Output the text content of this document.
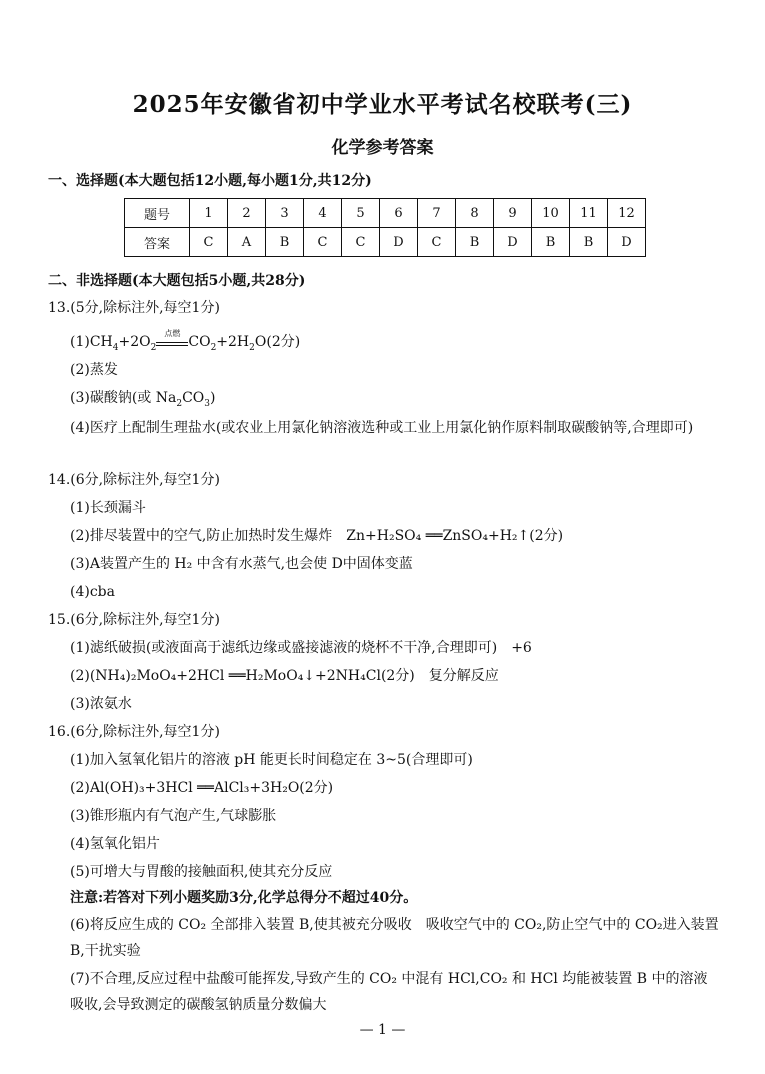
2025年安徽省初中学业水平考试名校联考(三)
化学参考答案
一、选择题(本大题包括12小题,每小题1分,共12分)
题号	1	2	3	4	5	6	7	8	9	10	11	12
答案	C	A	B	C	C	D	C	B	D	B	B	D
二、非选择题(本大题包括5小题,共28分)
13.(5分,除标注外,每空1分)
$(1)CH_4+2O_2$
点燃
$CO_2+2H_2O(2$分)
(2)蒸发
(3)碳酸钠(或 $Na_2CO_3$)
(4)医疗上配制生理盐水(或农业上用氯化钠溶液选种或工业上用氯化钠作原料制取碳酸钠等,合理即可)
14.(6分,除标注外,每空1分)
(1)长颈漏斗
(2)排尽装置中的空气,防止加热时发生爆炸　Zn+H₂SO₄ ══ZnSO₄+H₂↑(2分)
(3)A装置产生的 H₂ 中含有水蒸气,也会使 D中固体变蓝
(4)cba
15.(6分,除标注外,每空1分)
(1)滤纸破损(或液面高于滤纸边缘或盛接滤液的烧杯不干净,合理即可)　+6
(2)(NH₄)₂MoO₄+2HCl ══H₂MoO₄↓+2NH₄Cl(2分)　复分解反应
(3)浓氨水
16.(6分,除标注外,每空1分)
(1)加入氢氧化铝片的溶液 pH 能更长时间稳定在 3~5(合理即可)
(2)Al(OH)₃+3HCl ══AlCl₃+3H₂O(2分)
(3)锥形瓶内有气泡产生,气球膨胀
(4)氢氧化铝片
(5)可增大与胃酸的接触面积,使其充分反应
注意:若答对下列小题奖励3分,化学总得分不超过40分。
(6)将反应生成的 CO₂ 全部排入装置 B,使其被充分吸收　吸收空气中的 CO₂,防止空气中的 CO₂进入装置 B,干扰实验
(7)不合理,反应过程中盐酸可能挥发,导致产生的 CO₂ 中混有 HCl,CO₂ 和 HCl 均能被装置 B 中的溶液吸收,会导致测定的碳酸氢钠质量分数偏大
— 1 —
